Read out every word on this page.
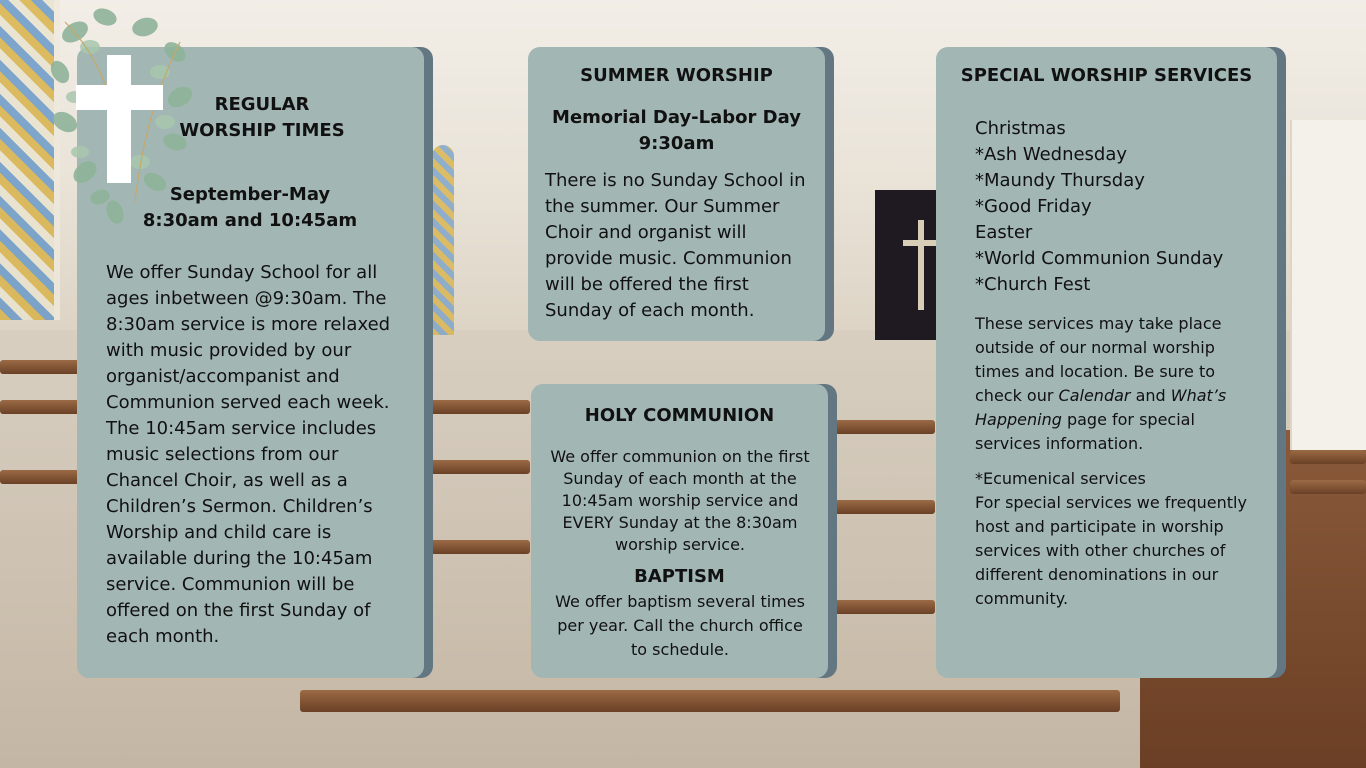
REGULAR
WORSHIP TIMES
September-May
8:30am and 10:45am

We offer Sunday School for all ages inbetween @9:30am. The 8:30am service is more relaxed with music provided by our organist/accompanist and Communion served each week. The 10:45am service includes music selections from our Chancel Choir, as well as a Children’s Sermon. Children’s Worship and child care is available during the 10:45am service. Communion will be offered on the first Sunday of each month.

SUMMER WORSHIP
Memorial Day-Labor Day
9:30am

There is no Sunday School in the summer. Our Summer Choir and organist will provide music. Communion will be offered the first Sunday of each month.

HOLY COMMUNION

We offer communion on the first Sunday of each month at the 10:45am worship service and EVERY Sunday at the 8:30am worship service.

BAPTISM

We offer baptism several times per year. Call the church office to schedule.

SPECIAL WORSHIP SERVICES
Christmas
*Ash Wednesday
*Maundy Thursday
*Good Friday
Easter
*World Communion Sunday
*Church Fest

These services may take place outside of our normal worship times and location. Be sure to check our Calendar and What’s Happening page for special services information.

*Ecumenical services
For special services we frequently host and participate in worship services with other churches of different denominations in our community.
